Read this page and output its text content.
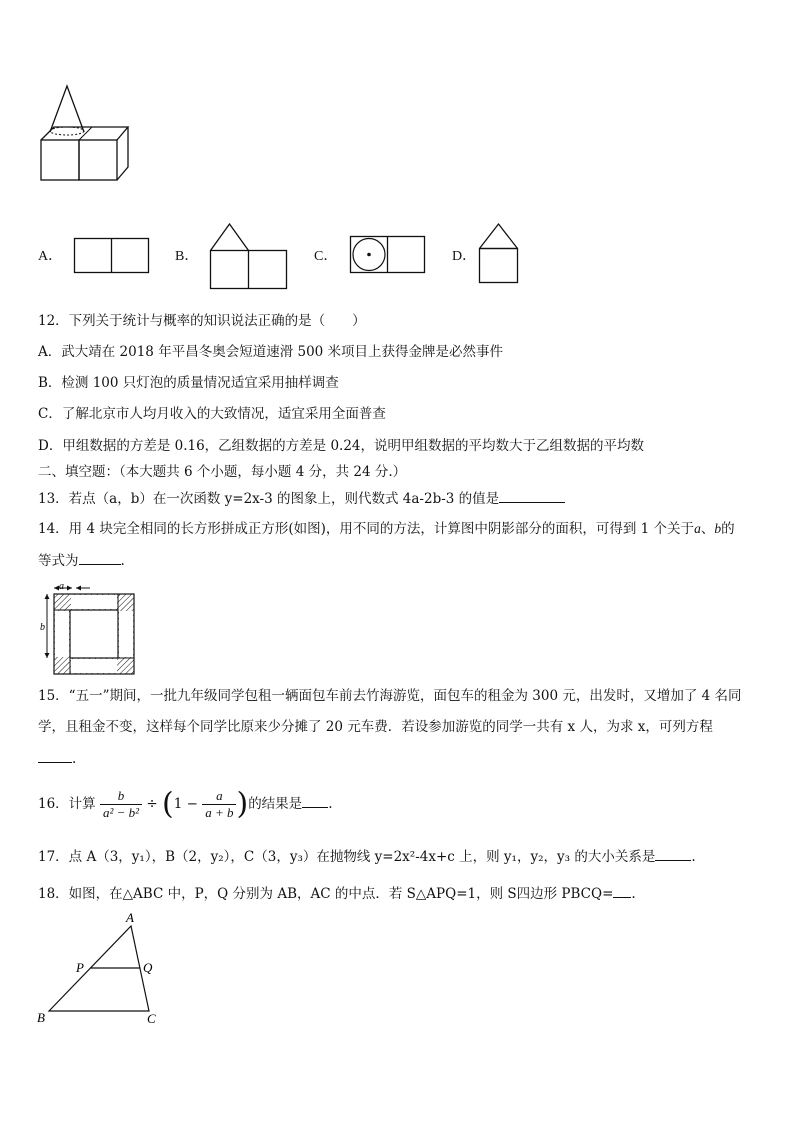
A．	B．	C．	D．
12．下列关于统计与概率的知识说法正确的是（　　）
A．武大靖在 2018 年平昌冬奥会短道速滑 500 米项目上获得金牌是必然事件
B．检测 100 只灯泡的质量情况适宜采用抽样调查
C．了解北京市人均月收入的大致情况，适宜采用全面普查
D．甲组数据的方差是 0.16，乙组数据的方差是 0.24，说明甲组数据的平均数大于乙组数据的平均数
二、填空题：（本大题共 6 个小题，每小题 4 分，共 24 分.）
13．若点（a，b）在一次函数 y=2x-3 的图象上，则代数式 4a-2b-3 的值是
14．用 4 块完全相同的长方形拼成正方形(如图)，用不同的方法，计算图中阴影部分的面积，可得到 1 个关于a、b的
等式为	.
a
b
15．“五一”期间，一批九年级同学包租一辆面包车前去竹海游览，面包车的租金为 300 元，出发时，又增加了 4 名同
学，且租金不变，这样每个同学比原来少分摊了 20 元车费．若设参加游览的同学一共有 x 人，为求 x，可列方程
.
16．计算 $\frac{b}{\text{a² − b²}} \div (1 - \frac{a}{a + b}$ )的结果是 .
17．点 A（3，y₁），B（2，y₂），C（3，y₃）在抛物线 y=2x²-4x+c 上，则 y₁，y₂，y₃ 的大小关系是	.
18．如图，在△ABC 中，P，Q 分别为 AB，AC 的中点．若 S△APQ=1，则 S四边形 PBCQ= .
A
P	Q
B	C
